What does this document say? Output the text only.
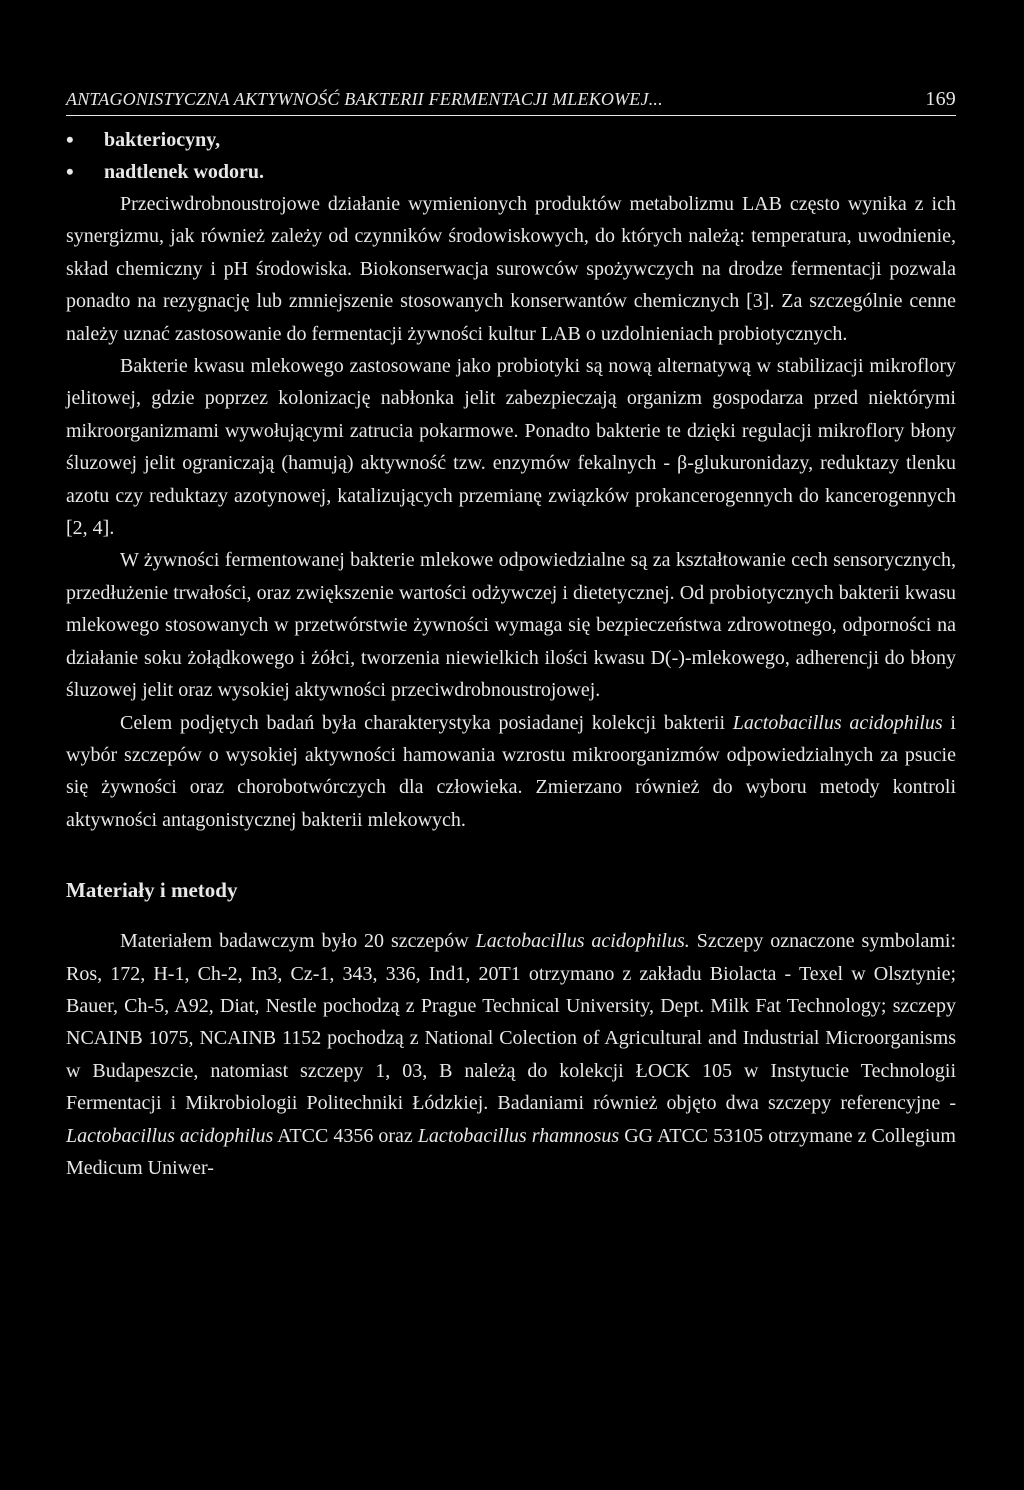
ANTAGONISTYCZNA AKTYWNOŚĆ BAKTERII FERMENTACJI MLEKOWEJ...	169
• bakteriocyny,
• nadtlenek wodoru.

Przeciwdrobnoustrojowe działanie wymienionych produktów metabolizmu LAB często wynika z ich synergizmu, jak również zależy od czynników środowiskowych, do których należą: temperatura, uwodnienie, skład chemiczny i pH środowiska. Biokonserwacja surowców spożywczych na drodze fermentacji pozwala ponadto na rezygnację lub zmniejszenie stosowanych konserwantów chemicznych [3]. Za szczególnie cenne należy uznać zastosowanie do fermentacji żywności kultur LAB o uzdolnieniach probiotycznych.

Bakterie kwasu mlekowego zastosowane jako probiotyki są nową alternatywą w stabilizacji mikroflory jelitowej, gdzie poprzez kolonizację nabłonka jelit zabezpieczają organizm gospodarza przed niektórymi mikroorganizmami wywołującymi zatrucia pokarmowe. Ponadto bakterie te dzięki regulacji mikroflory błony śluzowej jelit ograniczają (hamują) aktywność tzw. enzymów fekalnych - β-glukuronidazy, reduktazy tlenku azotu czy reduktazy azotynowej, katalizujących przemianę związków prokancerogennych do kancerogennych [2, 4].

W żywności fermentowanej bakterie mlekowe odpowiedzialne są za kształtowanie cech sensorycznych, przedłużenie trwałości, oraz zwiększenie wartości odżywczej i dietetycznej. Od probiotycznych bakterii kwasu mlekowego stosowanych w przetwórstwie żywności wymaga się bezpieczeństwa zdrowotnego, odporności na działanie soku żołądkowego i żółci, tworzenia niewielkich ilości kwasu D(-)-mlekowego, adherencji do błony śluzowej jelit oraz wysokiej aktywności przeciwdrobnoustrojowej.

Celem podjętych badań była charakterystyka posiadanej kolekcji bakterii Lactobacillus acidophilus i wybór szczepów o wysokiej aktywności hamowania wzrostu mikroorganizmów odpowiedzialnych za psucie się żywności oraz chorobotwórczych dla człowieka. Zmierzano również do wyboru metody kontroli aktywności antagonistycznej bakterii mlekowych.

Materiały i metody

Materiałem badawczym było 20 szczepów Lactobacillus acidophilus. Szczepy oznaczone symbolami: Ros, 172, H-1, Ch-2, In3, Cz-1, 343, 336, Ind1, 20T1 otrzymano z zakładu Biolacta - Texel w Olsztynie; Bauer, Ch-5, A92, Diat, Nestle pochodzą z Prague Technical University, Dept. Milk Fat Technology; szczepy NCAINB 1075, NCAINB 1152 pochodzą z National Colection of Agricultural and Industrial Microorganisms w Budapeszcie, natomiast szczepy 1, 03, B należą do kolekcji ŁOCK 105 w Instytucie Technologii Fermentacji i Mikrobiologii Politechniki Łódzkiej. Badaniami również objęto dwa szczepy referencyjne - Lactobacillus acidophilus ATCC 4356 oraz Lactobacillus rhamnosus GG ATCC 53105 otrzymane z Collegium Medicum Uniwer-
